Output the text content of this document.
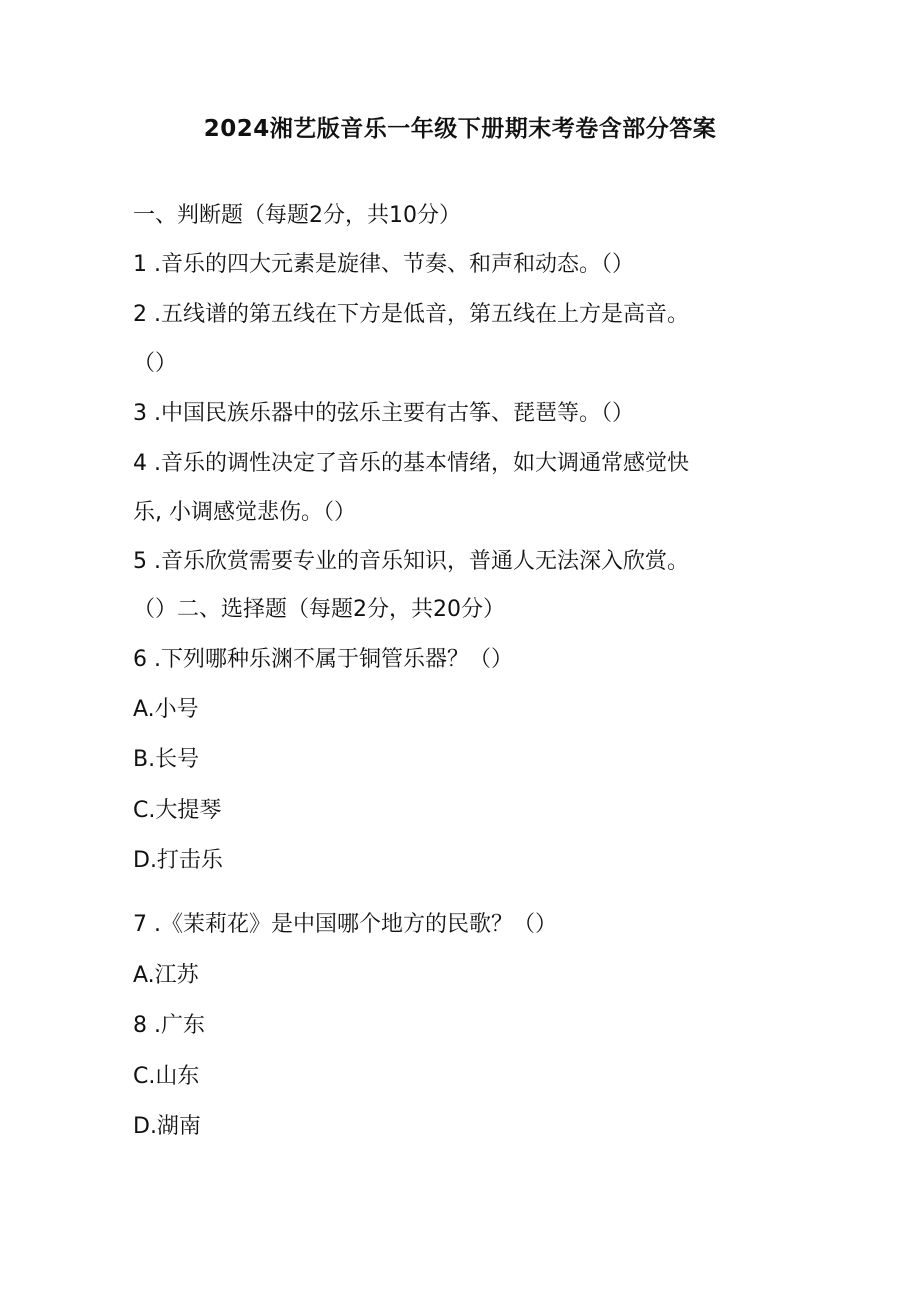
2024湘艺版音乐一年级下册期末考卷含部分答案
一、判断题（每题2分，共10分）
1 .音乐的四大元素是旋律、节奏、和声和动态。（）
2 .五线谱的第五线在下方是低音，第五线在上方是高音。
（）
3 .中国民族乐器中的弦乐主要有古筝、琵琶等。（）
4 .音乐的调性决定了音乐的基本情绪，如大调通常感觉快
乐, 小调感觉悲伤。（）
5 .音乐欣赏需要专业的音乐知识，普通人无法深入欣赏。
（）二、选择题（每题2分，共20分）
6 .下列哪种乐渊不属于铜管乐器？（）
A.小号
B.长号
C.大提琴
D.打击乐
7 .《茉莉花》是中国哪个地方的民歌？（）
A.江苏
8 .广东
C.山东
D.湖南
